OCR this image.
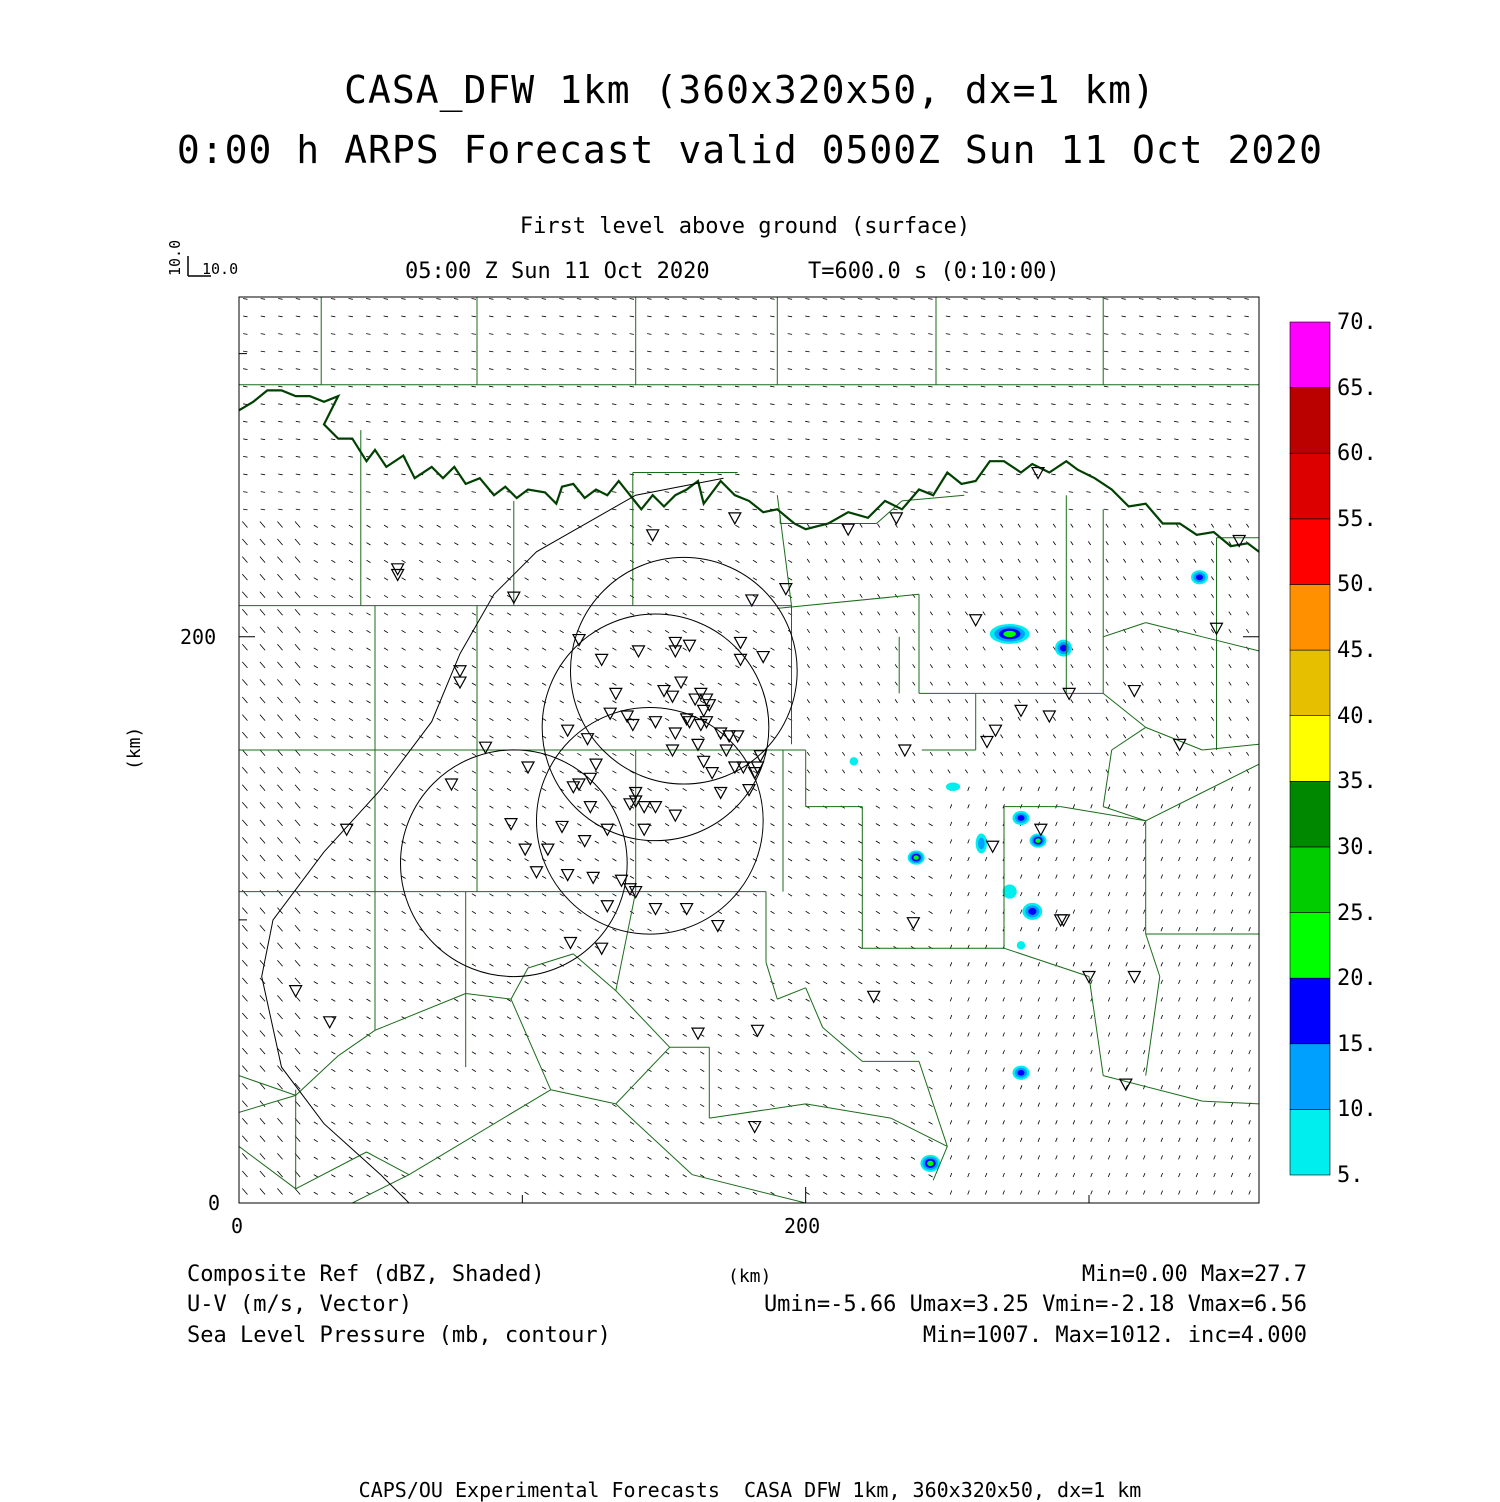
CASA_DFW 1km (360x320x50, dx=1 km)
0:00 h ARPS Forecast valid 0500Z Sun 11 Oct 2020
First level above ground (surface)
05:00 Z Sun 11 Oct 2020	T=600.0 s (0:10:00)
10.0
10.0
(km)
0	200
0
200
5.
10.
15.
20.
25.
30.
35.
40.
45.
50.
55.
60.
65.
70.
Composite Ref (dBZ, Shaded)
U-V (m/s, Vector)
Sea Level Pressure (mb, contour)
(km)	Min=0.00 Max=27.7
Umin=-5.66 Umax=3.25 Vmin=-2.18 Vmax=6.56
Min=1007. Max=1012. inc=4.000
CAPS/OU Experimental Forecasts  CASA DFW 1km, 360x320x50, dx=1 km
